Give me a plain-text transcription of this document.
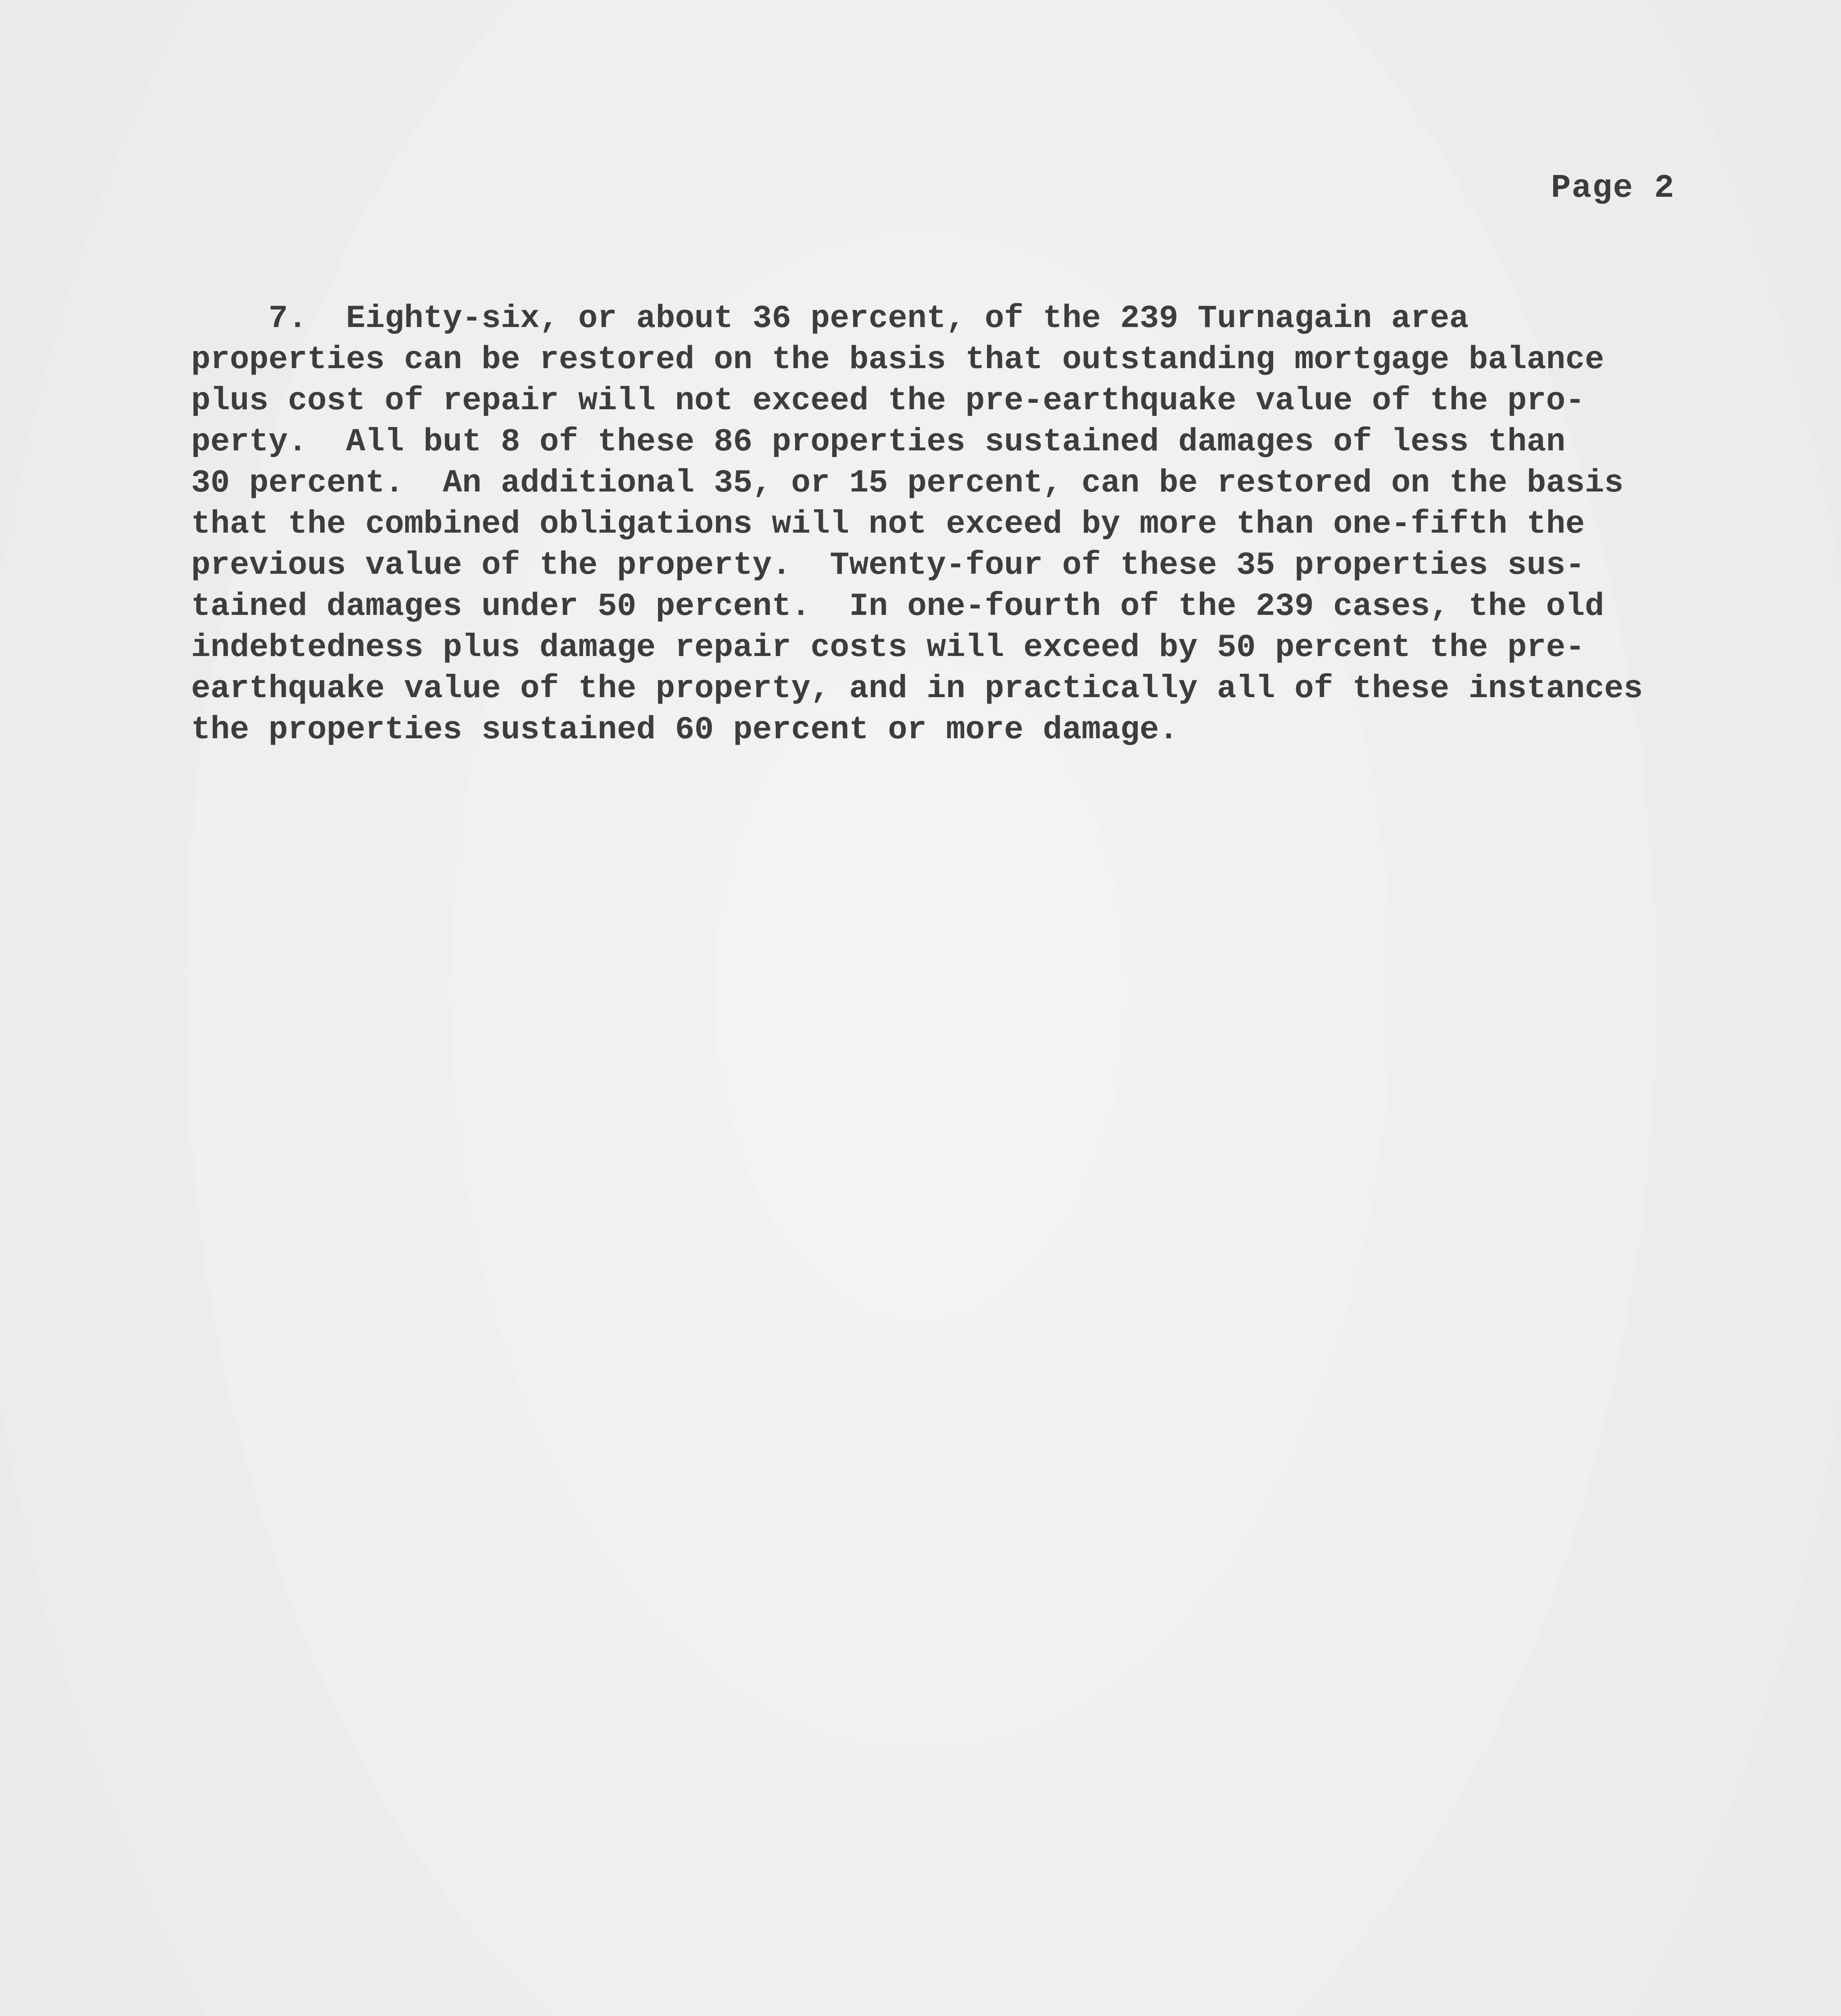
Page 2

7.  Eighty-six, or about 36 percent, of the 239 Turnagain area
properties can be restored on the basis that outstanding mortgage balance
plus cost of repair will not exceed the pre-earthquake value of the pro-
perty.  All but 8 of these 86 properties sustained damages of less than
30 percent.  An additional 35, or 15 percent, can be restored on the basis
that the combined obligations will not exceed by more than one-fifth the
previous value of the property.  Twenty-four of these 35 properties sus-
tained damages under 50 percent.  In one-fourth of the 239 cases, the old
indebtedness plus damage repair costs will exceed by 50 percent the pre-
earthquake value of the property, and in practically all of these instances
the properties sustained 60 percent or more damage.
